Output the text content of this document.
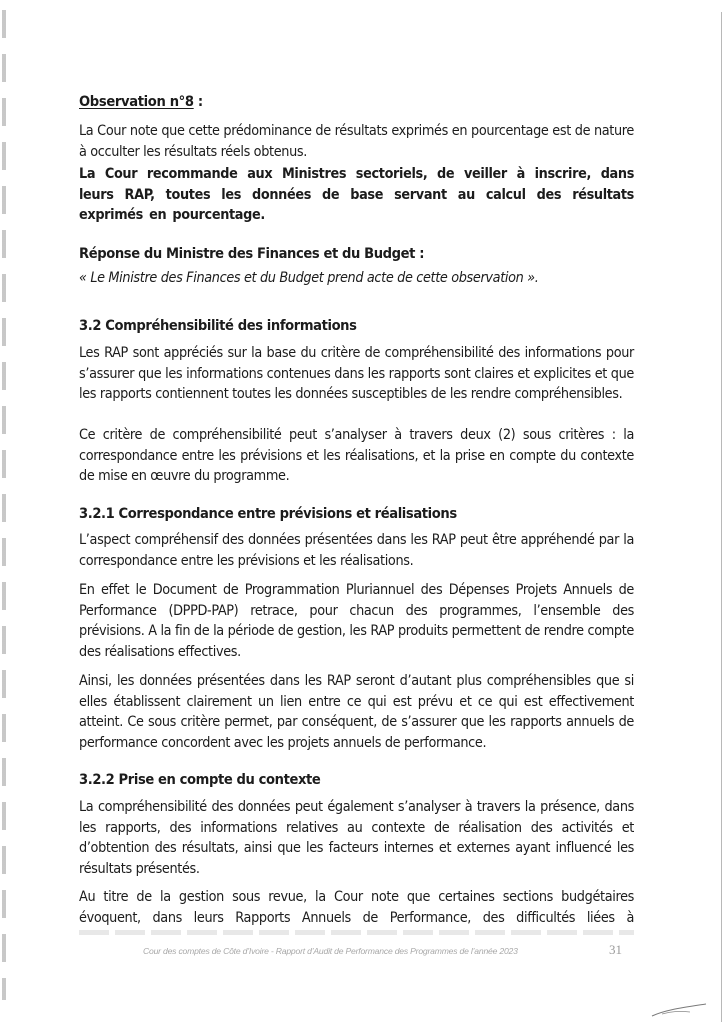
Observation n°8 :

La Cour note que cette prédominance de résultats exprimés en pourcentage est de nature à occulter les résultats réels obtenus.

La Cour recommande aux Ministres sectoriels, de veiller à inscrire, dans leurs RAP, toutes les données de base servant au calcul des résultats exprimés en pourcentage.

Réponse du Ministre des Finances et du Budget :

« Le Ministre des Finances et du Budget prend acte de cette observation ».

3.2 Compréhensibilité des informations

Les RAP sont appréciés sur la base du critère de compréhensibilité des informations pour s’assurer que les informations contenues dans les rapports sont claires et explicites et que les rapports contiennent toutes les données susceptibles de les rendre compréhensibles.

Ce critère de compréhensibilité peut s’analyser à travers deux (2) sous critères : la correspondance entre les prévisions et les réalisations, et la prise en compte du contexte de mise en œuvre du programme.

3.2.1 Correspondance entre prévisions et réalisations

L’aspect compréhensif des données présentées dans les RAP peut être appréhendé par la correspondance entre les prévisions et les réalisations.

En effet le Document de Programmation Pluriannuel des Dépenses Projets Annuels de Performance (DPPD-PAP) retrace, pour chacun des programmes, l’ensemble des prévisions. A la fin de la période de gestion, les RAP produits permettent de rendre compte des réalisations effectives.

Ainsi, les données présentées dans les RAP seront d’autant plus compréhensibles que si elles établissent clairement un lien entre ce qui est prévu et ce qui est effectivement atteint. Ce sous critère permet, par conséquent, de s’assurer que les rapports annuels de performance concordent avec les projets annuels de performance.

3.2.2 Prise en compte du contexte

La compréhensibilité des données peut également s’analyser à travers la présence, dans les rapports, des informations relatives au contexte de réalisation des activités et d’obtention des résultats, ainsi que les facteurs internes et externes ayant influencé les résultats présentés.

Au titre de la gestion sous revue, la Cour note que certaines sections budgétaires évoquent, dans leurs Rapports Annuels de Performance, des difficultés liées à

Cour des comptes de Côte d’Ivoire - Rapport d’Audit de Performance des Programmes de l’année 2023	31
